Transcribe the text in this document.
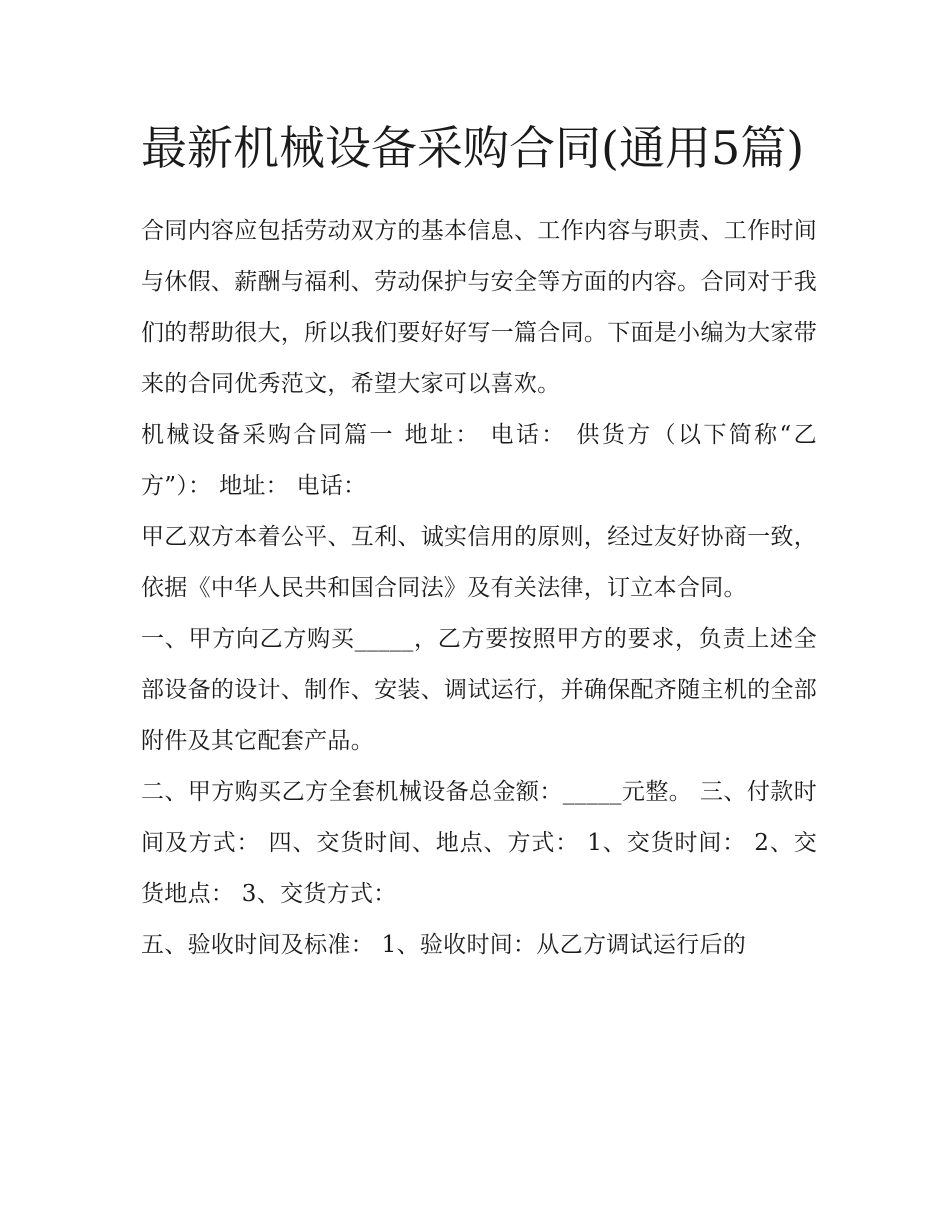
最新机械设备采购合同(通用5篇)

合同内容应包括劳动双方的基本信息、工作内容与职责、工作时间与休假、薪酬与福利、劳动保护与安全等方面的内容。合同对于我们的帮助很大，所以我们要好好写一篇合同。下面是小编为大家带来的合同优秀范文，希望大家可以喜欢。

机械设备采购合同篇一 地址： 电话： 供货方（以下简称“乙方”）： 地址： 电话：

甲乙双方本着公平、互利、诚实信用的原则，经过友好协商一致，依据《中华人民共和国合同法》及有关法律，订立本合同。

一、甲方向乙方购买_____，乙方要按照甲方的要求，负责上述全部设备的设计、制作、安装、调试运行，并确保配齐随主机的全部附件及其它配套产品。

二、甲方购买乙方全套机械设备总金额：_____元整。 三、付款时间及方式： 四、交货时间、地点、方式： 1、交货时间： 2、交货地点： 3、交货方式：

五、验收时间及标准： 1、验收时间：从乙方调试运行后的
